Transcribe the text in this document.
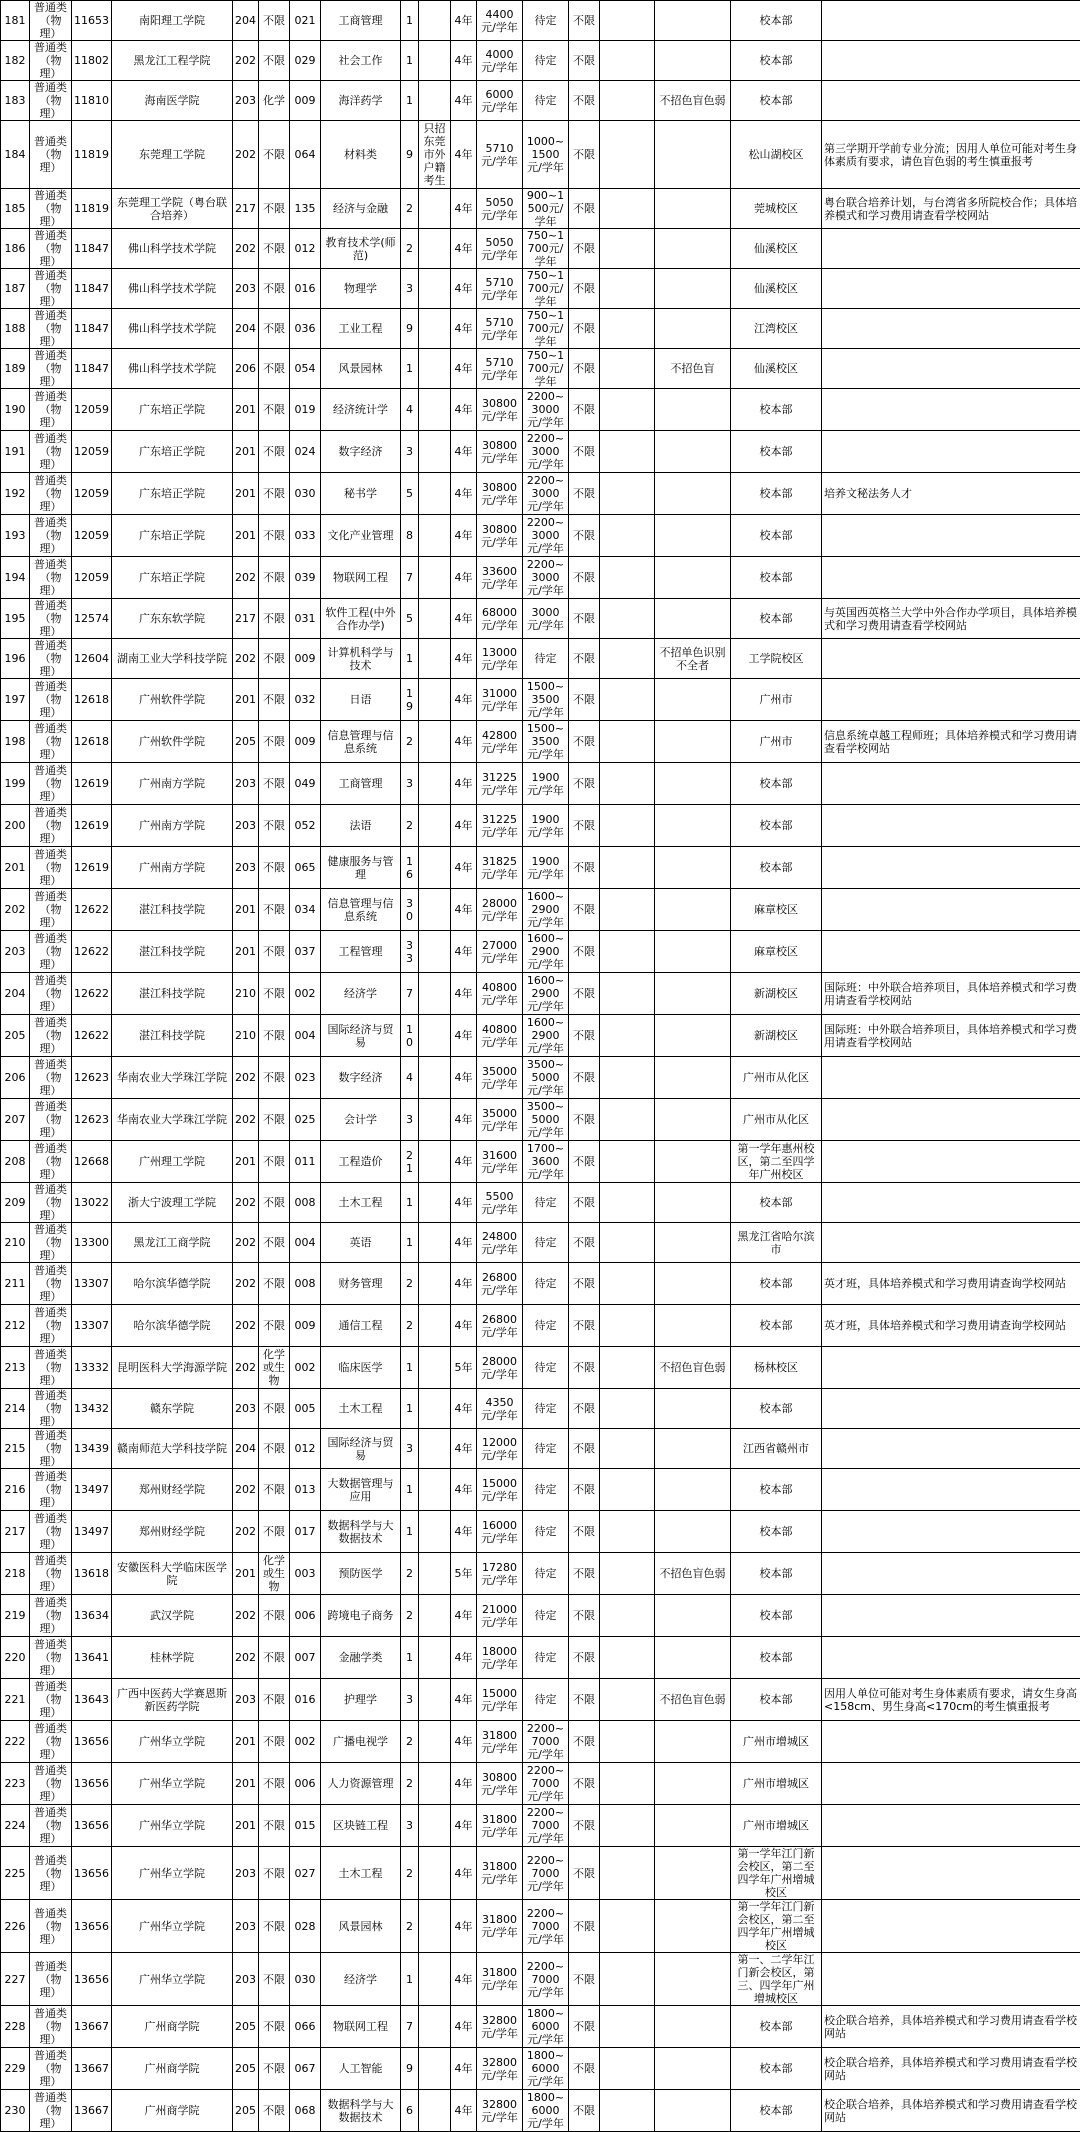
181	普通类（物理）	11653	南阳理工学院	204	不限	021	工商管理	1		4年	4400元/学年	待定	不限			校本部	
182	普通类（物理）	11802	黑龙江工程学院	202	不限	029	社会工作	1		4年	4000元/学年	待定	不限			校本部	
183	普通类（物理）	11810	海南医学院	203	化学	009	海洋药学	1		4年	6000元/学年	待定	不限		不招色盲色弱	校本部	
184	普通类（物理）	11819	东莞理工学院	202	不限	064	材料类	9	只招东莞市外户籍考生	4年	5710元/学年	1000~1500元/学年	不限			松山湖校区	第三学期开学前专业分流；因用人单位可能对考生身体素质有要求，请色盲色弱的考生慎重报考
185	普通类（物理）	11819	东莞理工学院（粤台联合培养）	217	不限	135	经济与金融	2		4年	5050元/学年	900~1500元/学年	不限			莞城校区	粤台联合培养计划，与台湾省多所院校合作；具体培养模式和学习费用请查看学校网站
186	普通类（物理）	11847	佛山科学技术学院	202	不限	012	教育技术学(师范)	2		4年	5050元/学年	750~1700元/学年	不限			仙溪校区	
187	普通类（物理）	11847	佛山科学技术学院	203	不限	016	物理学	3		4年	5710元/学年	750~1700元/学年	不限			仙溪校区	
188	普通类（物理）	11847	佛山科学技术学院	204	不限	036	工业工程	9		4年	5710元/学年	750~1700元/学年	不限			江湾校区	
189	普通类（物理）	11847	佛山科学技术学院	206	不限	054	风景园林	1		4年	5710元/学年	750~1700元/学年	不限		不招色盲	仙溪校区	
190	普通类（物理）	12059	广东培正学院	201	不限	019	经济统计学	4		4年	30800元/学年	2200~3000元/学年	不限			校本部	
191	普通类（物理）	12059	广东培正学院	201	不限	024	数字经济	3		4年	30800元/学年	2200~3000元/学年	不限			校本部	
192	普通类（物理）	12059	广东培正学院	201	不限	030	秘书学	5		4年	30800元/学年	2200~3000元/学年	不限			校本部	培养文秘法务人才
193	普通类（物理）	12059	广东培正学院	201	不限	033	文化产业管理	8		4年	30800元/学年	2200~3000元/学年	不限			校本部	
194	普通类（物理）	12059	广东培正学院	202	不限	039	物联网工程	7		4年	33600元/学年	2200~3000元/学年	不限			校本部	
195	普通类（物理）	12574	广东东软学院	217	不限	031	软件工程(中外合作办学)	5		4年	68000元/学年	3000元/学年	不限			校本部	与英国西英格兰大学中外合作办学项目，具体培养模式和学习费用请查看学校网站
196	普通类（物理）	12604	湖南工业大学科技学院	202	不限	009	计算机科学与技术	1		4年	13000元/学年	待定	不限		不招单色识别不全者	工学院校区	
197	普通类（物理）	12618	广州软件学院	201	不限	032	日语	19		4年	31000元/学年	1500~3500元/学年	不限			广州市	
198	普通类（物理）	12618	广州软件学院	205	不限	009	信息管理与信息系统	2		4年	42800元/学年	1500~3500元/学年	不限			广州市	信息系统卓越工程师班；具体培养模式和学习费用请查看学校网站
199	普通类（物理）	12619	广州南方学院	203	不限	049	工商管理	3		4年	31225元/学年	1900元/学年	不限			校本部	
200	普通类（物理）	12619	广州南方学院	203	不限	052	法语	2		4年	31225元/学年	1900元/学年	不限			校本部	
201	普通类（物理）	12619	广州南方学院	203	不限	065	健康服务与管理	16		4年	31825元/学年	1900元/学年	不限			校本部	
202	普通类（物理）	12622	湛江科技学院	201	不限	034	信息管理与信息系统	30		4年	28000元/学年	1600~2900元/学年	不限			麻章校区	
203	普通类（物理）	12622	湛江科技学院	201	不限	037	工程管理	33		4年	27000元/学年	1600~2900元/学年	不限			麻章校区	
204	普通类（物理）	12622	湛江科技学院	210	不限	002	经济学	7		4年	40800元/学年	1600~2900元/学年	不限			新湖校区	国际班：中外联合培养项目，具体培养模式和学习费用请查看学校网站
205	普通类（物理）	12622	湛江科技学院	210	不限	004	国际经济与贸易	10		4年	40800元/学年	1600~2900元/学年	不限			新湖校区	国际班：中外联合培养项目，具体培养模式和学习费用请查看学校网站
206	普通类（物理）	12623	华南农业大学珠江学院	202	不限	023	数字经济	4		4年	35000元/学年	3500~5000元/学年	不限			广州市从化区	
207	普通类（物理）	12623	华南农业大学珠江学院	202	不限	025	会计学	3		4年	35000元/学年	3500~5000元/学年	不限			广州市从化区	
208	普通类（物理）	12668	广州理工学院	201	不限	011	工程造价	21		4年	31600元/学年	1700~3600元/学年	不限			第一学年惠州校区，第二至四学年广州校区	
209	普通类（物理）	13022	浙大宁波理工学院	202	不限	008	土木工程	1		4年	5500元/学年	待定	不限			校本部	
210	普通类（物理）	13300	黑龙江工商学院	202	不限	004	英语	1		4年	24800元/学年	待定	不限			黑龙江省哈尔滨市	
211	普通类（物理）	13307	哈尔滨华德学院	202	不限	008	财务管理	2		4年	26800元/学年	待定	不限			校本部	英才班，具体培养模式和学习费用请查询学校网站
212	普通类（物理）	13307	哈尔滨华德学院	202	不限	009	通信工程	2		4年	26800元/学年	待定	不限			校本部	英才班，具体培养模式和学习费用请查询学校网站
213	普通类（物理）	13332	昆明医科大学海源学院	202	化学或生物	002	临床医学	1		5年	28000元/学年	待定	不限		不招色盲色弱	杨林校区	
214	普通类（物理）	13432	赣东学院	203	不限	005	土木工程	1		4年	4350元/学年	待定	不限			校本部	
215	普通类（物理）	13439	赣南师范大学科技学院	204	不限	012	国际经济与贸易	3		4年	12000元/学年	待定	不限			江西省赣州市	
216	普通类（物理）	13497	郑州财经学院	202	不限	013	大数据管理与应用	1		4年	15000元/学年	待定	不限			校本部	
217	普通类（物理）	13497	郑州财经学院	202	不限	017	数据科学与大数据技术	1		4年	16000元/学年	待定	不限			校本部	
218	普通类（物理）	13618	安徽医科大学临床医学院	201	化学或生物	003	预防医学	2		5年	17280元/学年	待定	不限		不招色盲色弱	校本部	
219	普通类（物理）	13634	武汉学院	202	不限	006	跨境电子商务	2		4年	21000元/学年	待定	不限			校本部	
220	普通类（物理）	13641	桂林学院	202	不限	007	金融学类	1		4年	18000元/学年	待定	不限			校本部	
221	普通类（物理）	13643	广西中医药大学赛恩斯新医药学院	203	不限	016	护理学	3		4年	15000元/学年	待定	不限		不招色盲色弱	校本部	因用人单位可能对考生身体素质有要求，请女生身高<158cm、男生身高<170cm的考生慎重报考
222	普通类（物理）	13656	广州华立学院	201	不限	002	广播电视学	2		4年	31800元/学年	2200~7000元/学年	不限			广州市增城区	
223	普通类（物理）	13656	广州华立学院	201	不限	006	人力资源管理	2		4年	30800元/学年	2200~7000元/学年	不限			广州市增城区	
224	普通类（物理）	13656	广州华立学院	201	不限	015	区块链工程	3		4年	31800元/学年	2200~7000元/学年	不限			广州市增城区	
225	普通类（物理）	13656	广州华立学院	203	不限	027	土木工程	2		4年	31800元/学年	2200~7000元/学年	不限			第一学年江门新会校区，第二至四学年广州增城校区	
226	普通类（物理）	13656	广州华立学院	203	不限	028	风景园林	2		4年	31800元/学年	2200~7000元/学年	不限			第一学年江门新会校区，第二至四学年广州增城校区	
227	普通类（物理）	13656	广州华立学院	203	不限	030	经济学	1		4年	31800元/学年	2200~7000元/学年	不限			第一、二学年江门新会校区，第三、四学年广州增城校区	
228	普通类（物理）	13667	广州商学院	205	不限	066	物联网工程	7		4年	32800元/学年	1800~6000元/学年	不限			校本部	校企联合培养，具体培养模式和学习费用请查看学校网站
229	普通类（物理）	13667	广州商学院	205	不限	067	人工智能	9		4年	32800元/学年	1800~6000元/学年	不限			校本部	校企联合培养，具体培养模式和学习费用请查看学校网站
230	普通类（物理）	13667	广州商学院	205	不限	068	数据科学与大数据技术	6		4年	32800元/学年	1800~6000元/学年	不限			校本部	校企联合培养，具体培养模式和学习费用请查看学校网站
